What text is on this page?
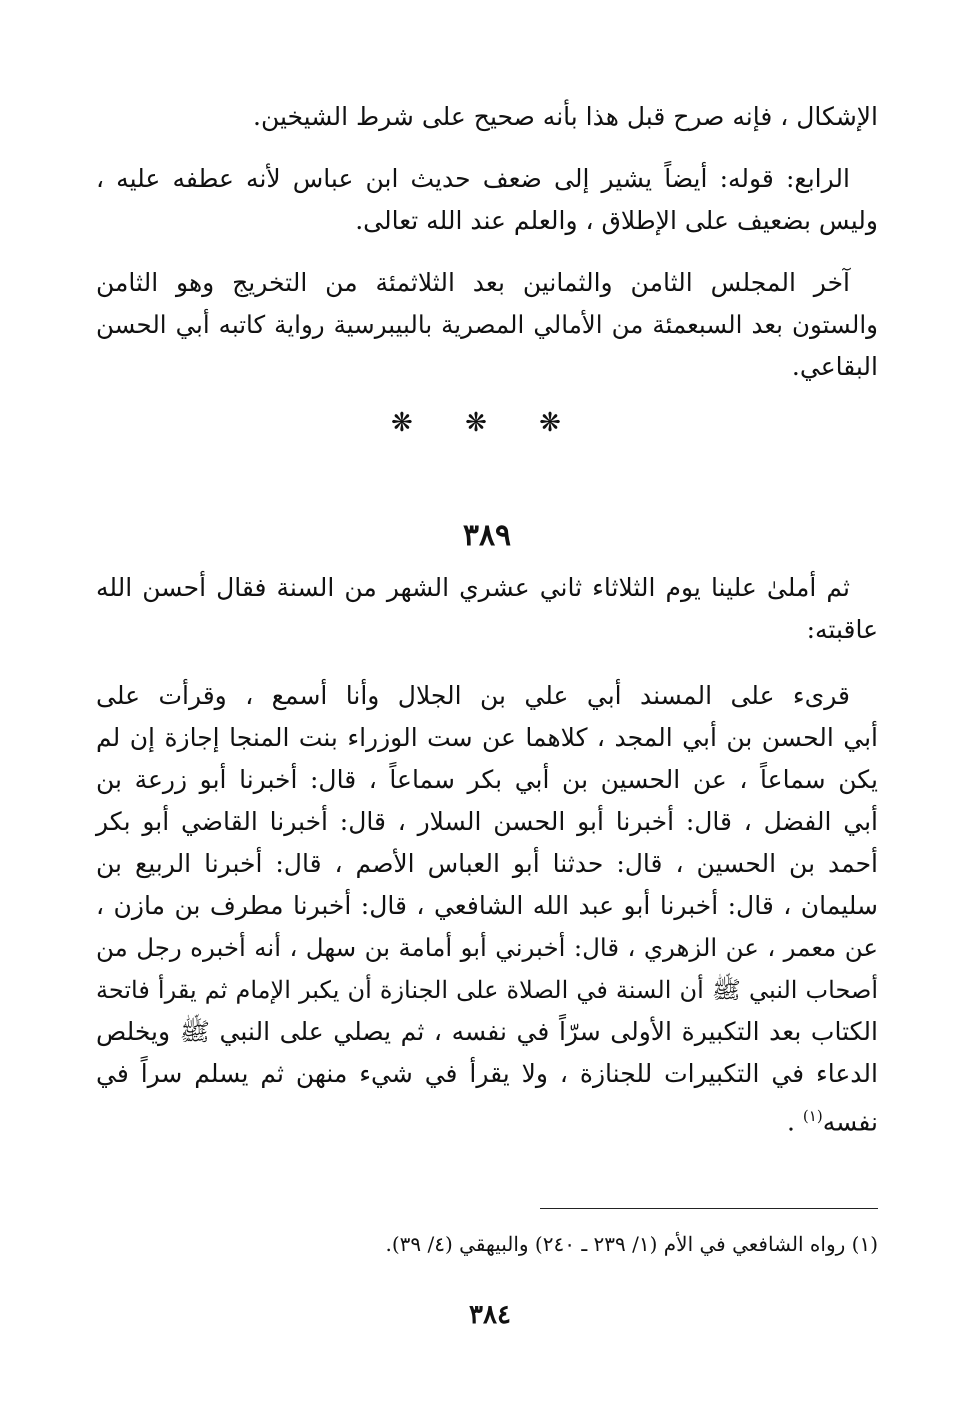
الإشكال ، فإنه صرح قبل هذا بأنه صحيح على شرط الشيخين.
الرابع: قوله: أيضاً يشير إلى ضعف حديث ابن عباس لأنه عطفه عليه ،
وليس بضعيف على الإطلاق ، والعلم عند الله تعالى.
آخر المجلس الثامن والثمانين بعد الثلاثمئة من التخريج وهو الثامن
والستون بعد السبعمئة من الأمالي المصرية بالبيبرسية رواية كاتبه أبي الحسن
البقاعي.
❋ ❋ ❋
٣٨٩
ثم أملىٰ علينا يوم الثلاثاء ثاني عشري الشهر من السنة فقال أحسن الله
عاقبته:
قرىء على المسند أبي علي بن الجلال وأنا أسمع ، وقرأت على
أبي الحسن بن أبي المجد ، كلاهما عن ست الوزراء بنت المنجا إجازة إن لم
يكن سماعاً ، عن الحسين بن أبي بكر سماعاً ، قال: أخبرنا أبو زرعة بن
أبي الفضل ، قال: أخبرنا أبو الحسن السلار ، قال: أخبرنا القاضي أبو بكر
أحمد بن الحسين ، قال: حدثنا أبو العباس الأصم ، قال: أخبرنا الربيع بن
سليمان ، قال: أخبرنا أبو عبد الله الشافعي ، قال: أخبرنا مطرف بن مازن ،
عن معمر ، عن الزهري ، قال: أخبرني أبو أمامة بن سهل ، أنه أخبره رجل من
أصحاب النبي ﷺ أن السنة في الصلاة على الجنازة أن يكبر الإمام ثم يقرأ فاتحة
الكتاب بعد التكبيرة الأولى سرّاً في نفسه ، ثم يصلي على النبي ﷺ ويخلص
الدعاء في التكبيرات للجنازة ، ولا يقرأ في شيء منهن ثم يسلم سراً في
نفسه$^{(١)}$ .
(١) رواه الشافعي في الأم (١/ ٢٣٩ ـ ٢٤٠) والبيهقي (٤/ ٣٩).
٣٨٤
